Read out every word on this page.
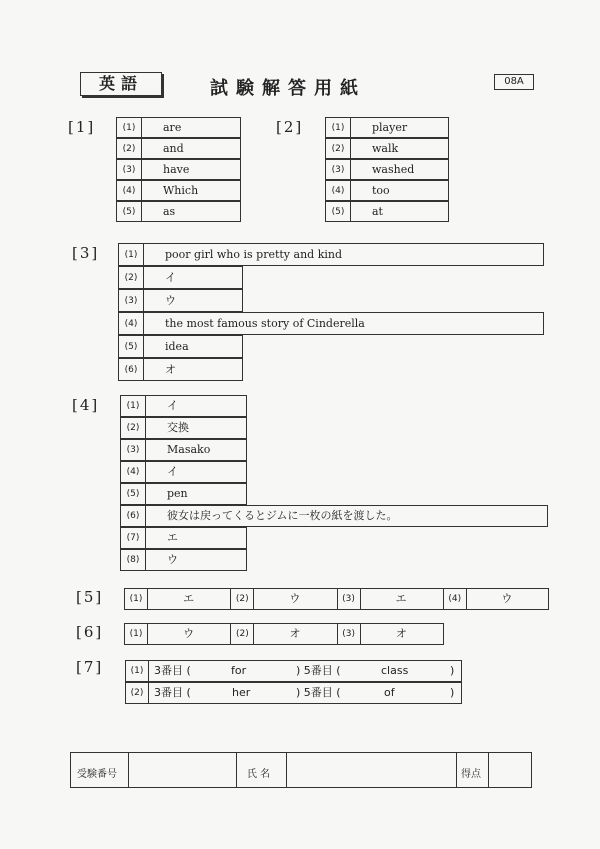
英語	試験解答用紙	08A
[1]	(1)	are
(2)	and
(3)	have
(4)	Which
(5)	as
[2]	(1)	player
(2)	walk
(3)	washed
(4)	too
(5)	at
[3]	(1)	poor girl who is pretty and kind
(2)	イ
(3)	ウ
(4)	the most famous story of Cinderella
(5)	idea
(6)	オ
[4]	(1)	イ
(2)	交換
(3)	Masako
(4)	イ
(5)	pen
(6)	彼女は戻ってくるとジムに一枚の紙を渡した。
(7)	エ
(8)	ウ
[5]	(1)	エ	(2)	ウ	(3)	エ	(4)	ウ
[6]	(1)	ウ	(2)	オ	(3)	オ
[7]	(1) 3番目 (	for	) 5番目 (	class	)
(2) 3番目 (	her	) 5番目 (	of	)
受験番号	氏 名	得点
